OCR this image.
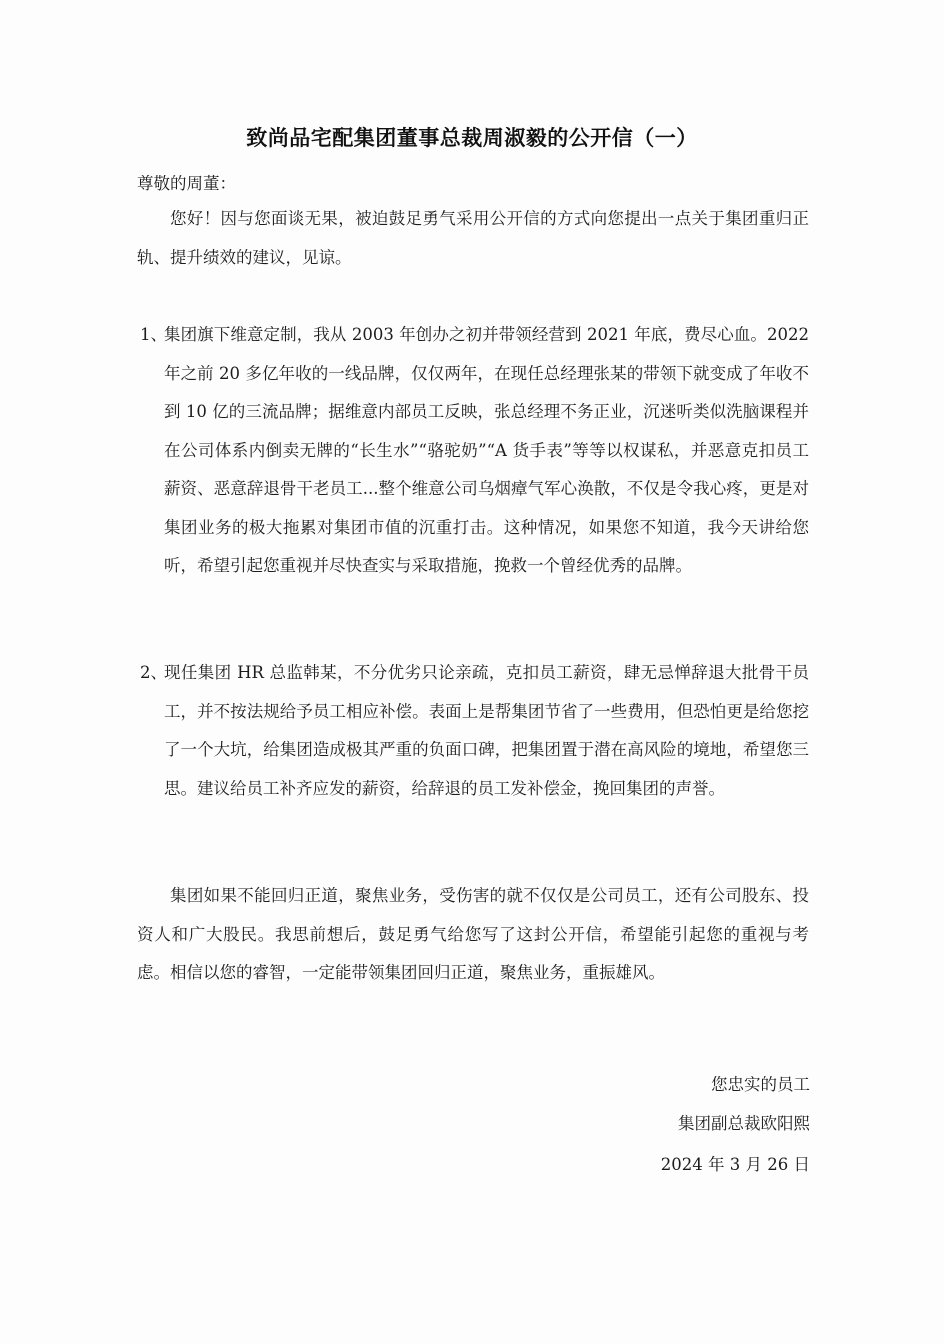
致尚品宅配集团董事总裁周淑毅的公开信（一）
尊敬的周董：

您好！因与您面谈无果，被迫鼓足勇气采用公开信的方式向您提出一点关于集团重归正轨、提升绩效的建议，见谅。

1、
集团旗下维意定制，我从 2003 年创办之初并带领经营到 2021 年底，费尽心血。2022 年之前 20 多亿年收的一线品牌，仅仅两年，在现任总经理张某的带领下就变成了年收不到 10 亿的三流品牌；据维意内部员工反映，张总经理不务正业，沉迷听类似洗脑课程并在公司体系内倒卖无牌的“长生水”“骆驼奶”“A 货手表”等等以权谋私，并恶意克扣员工薪资、恶意辞退骨干老员工...整个维意公司乌烟瘴气军心涣散，不仅是令我心疼，更是对集团业务的极大拖累对集团市值的沉重打击。这种情况，如果您不知道，我今天讲给您听，希望引起您重视并尽快查实与采取措施，挽救一个曾经优秀的品牌。
2、
现任集团 HR 总监韩某，不分优劣只论亲疏，克扣员工薪资，肆无忌惮辞退大批骨干员工，并不按法规给予员工相应补偿。表面上是帮集团节省了一些费用，但恐怕更是给您挖了一个大坑，给集团造成极其严重的负面口碑，把集团置于潜在高风险的境地，希望您三思。建议给员工补齐应发的薪资，给辞退的员工发补偿金，挽回集团的声誉。

集团如果不能回归正道，聚焦业务，受伤害的就不仅仅是公司员工，还有公司股东、投资人和广大股民。我思前想后，鼓足勇气给您写了这封公开信，希望能引起您的重视与考虑。相信以您的睿智，一定能带领集团回归正道，聚焦业务，重振雄风。

您忠实的员工
集团副总裁欧阳熙
2024 年 3 月 26 日
